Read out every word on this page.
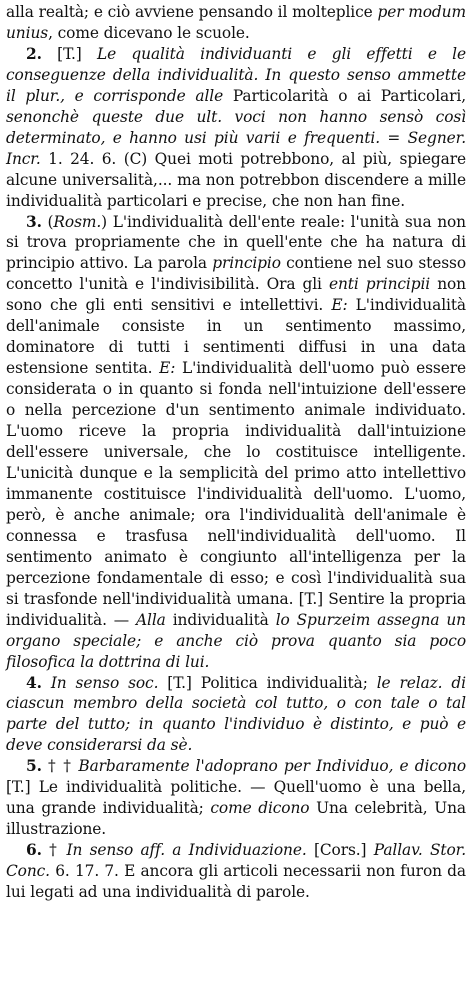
alla realtà; e ciò avviene pensando il molteplice per modum unius, come dicevano le scuole.

2. [T.] Le qualità individuanti e gli effetti e le conseguenze della individualità. In questo senso ammette il plur., e corrisponde alle Particolarità o ai Particolari, senonchè queste due ult. voci non hanno sensò così determinato, e hanno usi più varii e frequenti. = Segner. Incr. 1. 24. 6. (C) Quei moti potrebbono, al più, spiegare alcune universalità,... ma non potrebbon discendere a mille individualità particolari e precise, che non han fine.

3. (Rosm.) L'individualità dell'ente reale: l'unità sua non si trova propriamente che in quell'ente che ha natura di principio attivo. La parola principio contiene nel suo stesso concetto l'unità e l'indivisibilità. Ora gli enti principii non sono che gli enti sensitivi e intellettivi. E: L'individualità dell'animale consiste in un sentimento massimo, dominatore di tutti i sentimenti diffusi in una data estensione sentita. E: L'individualità dell'uomo può essere considerata o in quanto si fonda nell'intuizione dell'essere o nella percezione d'un sentimento animale individuato. L'uomo riceve la propria individualità dall'intuizione dell'essere universale, che lo costituisce intelligente. L'unicità dunque e la semplicità del primo atto intellettivo immanente costituisce l'individualità dell'uomo. L'uomo, però, è anche animale; ora l'individualità dell'animale è connessa e trasfusa nell'individualità dell'uomo. Il sentimento animato è congiunto all'intelligenza per la percezione fondamentale di esso; e così l'individualità sua si trasfonde nell'individualità umana. [T.] Sentire la propria individualità. — Alla individualità lo Spurzeim assegna un organo speciale; e anche ciò prova quanto sia poco filosofica la dottrina di lui.

4. In senso soc. [T.] Politica individualità; le relaz. di ciascun membro della società col tutto, o con tale o tal parte del tutto; in quanto l'individuo è distinto, e può e deve considerarsi da sè.

5. † † Barbaramente l'adoprano per Individuo, e dicono [T.] Le individualità politiche. — Quell'uomo è una bella, una grande individualità; come dicono Una celebrità, Una illustrazione.

6. † In senso aff. a Individuazione. [Cors.] Pallav. Stor. Conc. 6. 17. 7. E ancora gli articoli necessarii non furon da lui legati ad una individualità di parole.
